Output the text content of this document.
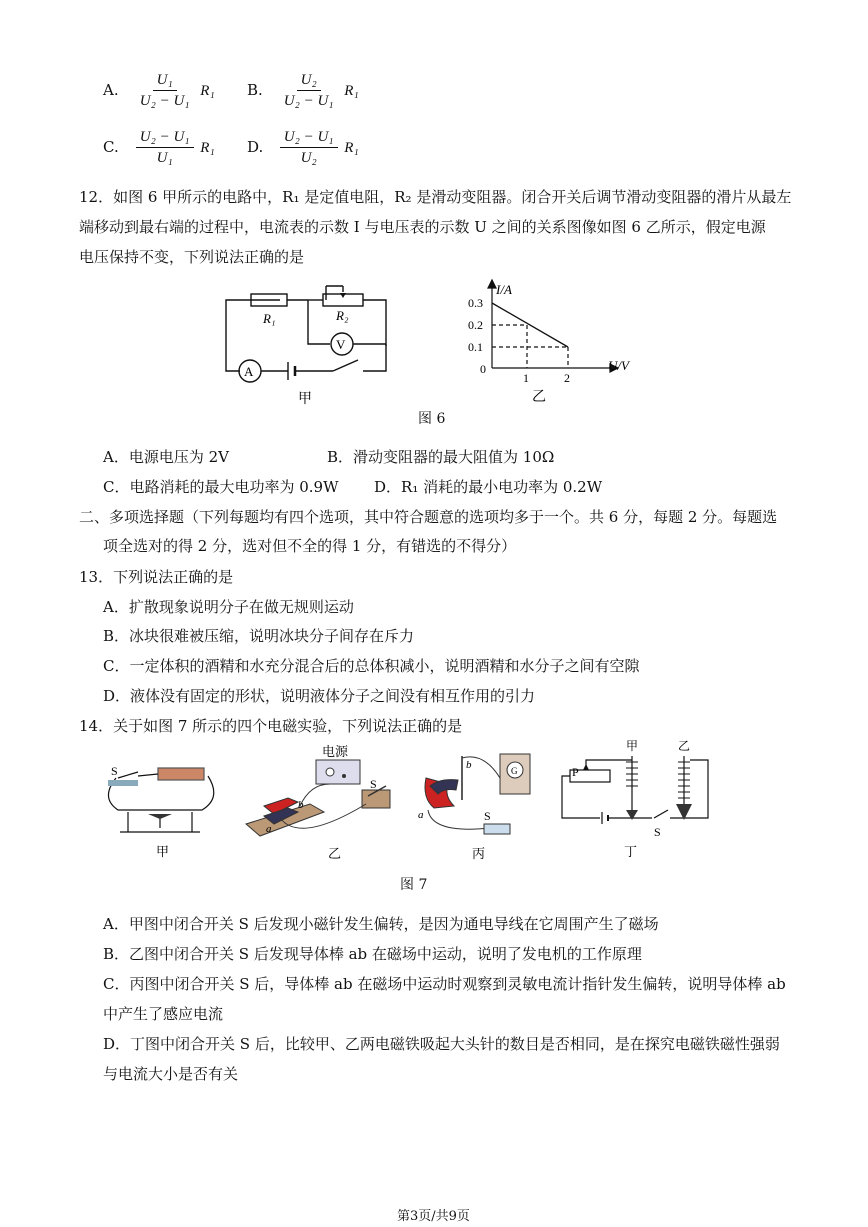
A. $\frac{\text{U₁}}{\text{U₂ − U₁}} R_1$ B. $\frac{\text{U₂}}{\text{U₂ − U₁}} R_1$
C. $\frac{\text{U₂ − U₁}}{\text{U₁}} R_1$ D. $\frac{\text{U₂ − U₁}}{\text{U₂}} R_1$
12．如图 6 甲所示的电路中，R₁ 是定值电阻，R₂ 是滑动变阻器。闭合开关后调节滑动变阻器的滑片从最左
端移动到最右端的过程中，电流表的示数 I 与电压表的示数 U 之间的关系图像如图 6 乙所示，假定电源
电压保持不变，下列说法正确的是
R₁	R₂
V
A
甲
I/A
U/V
0
0.3
0.2
0.1
1	2
乙
图 6
A．电源电压为 2V	B．滑动变阻器的最大阻值为 10Ω
C．电路消耗的最大电功率为 0.9W D．R₁ 消耗的最小电功率为 0.2W
二、多项选择题（下列每题均有四个选项，其中符合题意的选项均多于一个。共 6 分，每题 2 分。每题选
项全选对的得 2 分，选对但不全的得 1 分，有错选的不得分）
13．下列说法正确的是
A．扩散现象说明分子在做无规则运动
B．冰块很难被压缩，说明冰块分子间存在斥力
C．一定体积的酒精和水充分混合后的总体积减小，说明酒精和水分子之间有空隙
D．液体没有固定的形状，说明液体分子之间没有相互作用的引力
14．关于如图 7 所示的四个电磁实验，下列说法正确的是
S
甲
电源
b
a
S
乙
G
a
b
S
丙
P
甲	乙
S
丁
图 7
A．甲图中闭合开关 S 后发现小磁针发生偏转，是因为通电导线在它周围产生了磁场
B．乙图中闭合开关 S 后发现导体棒 ab 在磁场中运动，说明了发电机的工作原理
C．丙图中闭合开关 S 后，导体棒 ab 在磁场中运动时观察到灵敏电流计指针发生偏转，说明导体棒 ab
中产生了感应电流
D．丁图中闭合开关 S 后，比较甲、乙两电磁铁吸起大头针的数目是否相同，是在探究电磁铁磁性强弱
与电流大小是否有关
第3页/共9页
